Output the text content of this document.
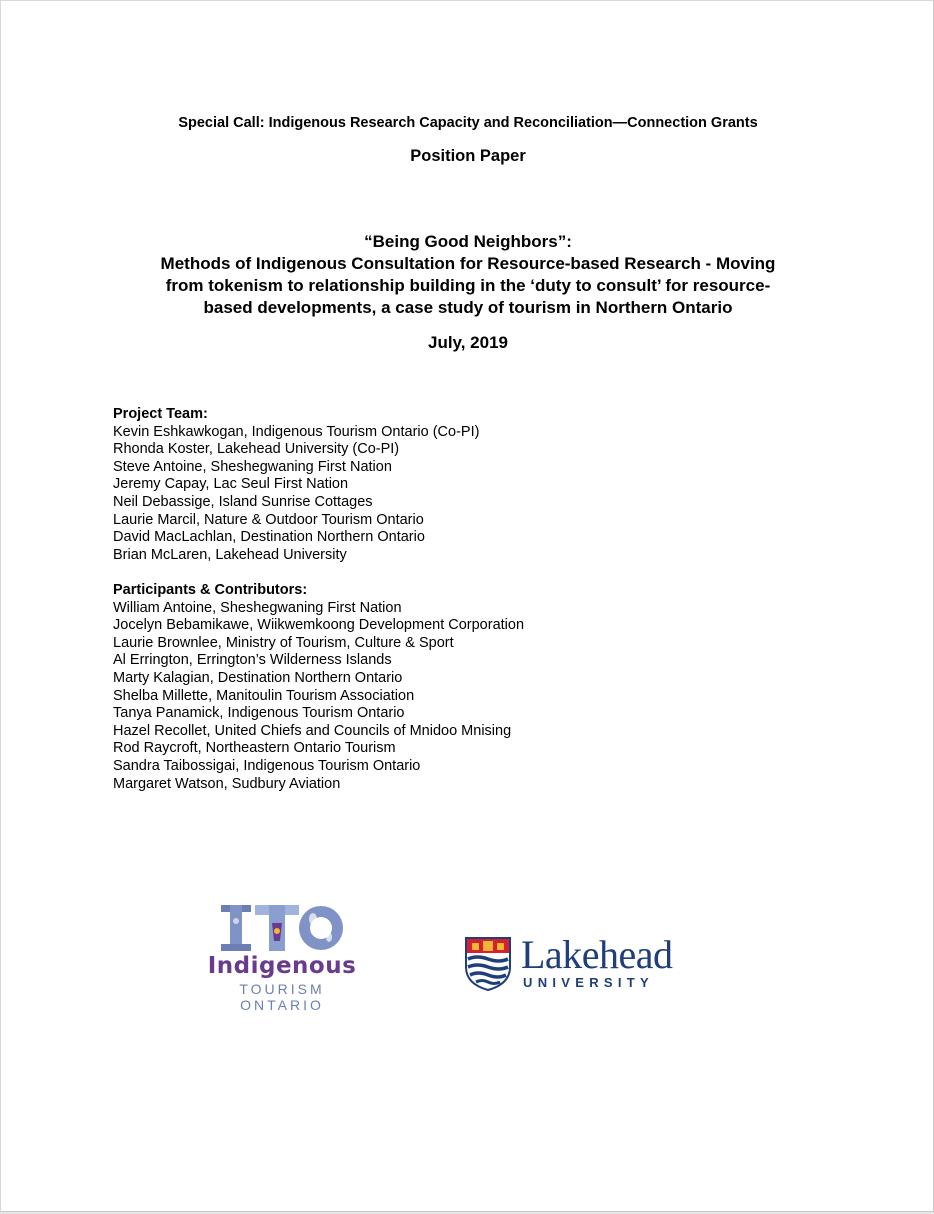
Special Call: Indigenous Research Capacity and Reconciliation—Connection Grants
Position Paper
“Being Good Neighbors”:
Methods of Indigenous Consultation for Resource-based Research - Moving
from tokenism to relationship building in the ‘duty to consult’ for resource-
based developments, a case study of tourism in Northern Ontario
July, 2019
Project Team:
Kevin Eshkawkogan, Indigenous Tourism Ontario (Co-PI)
Rhonda Koster, Lakehead University (Co-PI)
Steve Antoine, Sheshegwaning First Nation
Jeremy Capay, Lac Seul First Nation
Neil Debassige, Island Sunrise Cottages
Laurie Marcil, Nature & Outdoor Tourism Ontario
David MacLachlan, Destination Northern Ontario
Brian McLaren, Lakehead University
Participants & Contributors:
William Antoine, Sheshegwaning First Nation
Jocelyn Bebamikawe, Wiikwemkoong Development Corporation
Laurie Brownlee, Ministry of Tourism, Culture & Sport
Al Errington, Errington’s Wilderness Islands
Marty Kalagian, Destination Northern Ontario
Shelba Millette, Manitoulin Tourism Association
Tanya Panamick, Indigenous Tourism Ontario
Hazel Recollet, United Chiefs and Councils of Mnidoo Mnising
Rod Raycroft, Northeastern Ontario Tourism
Sandra Taibossigai, Indigenous Tourism Ontario
Margaret Watson, Sudbury Aviation
Indigenous
TOURISM
ONTARIO
Lakehead
UNIVERSITY
